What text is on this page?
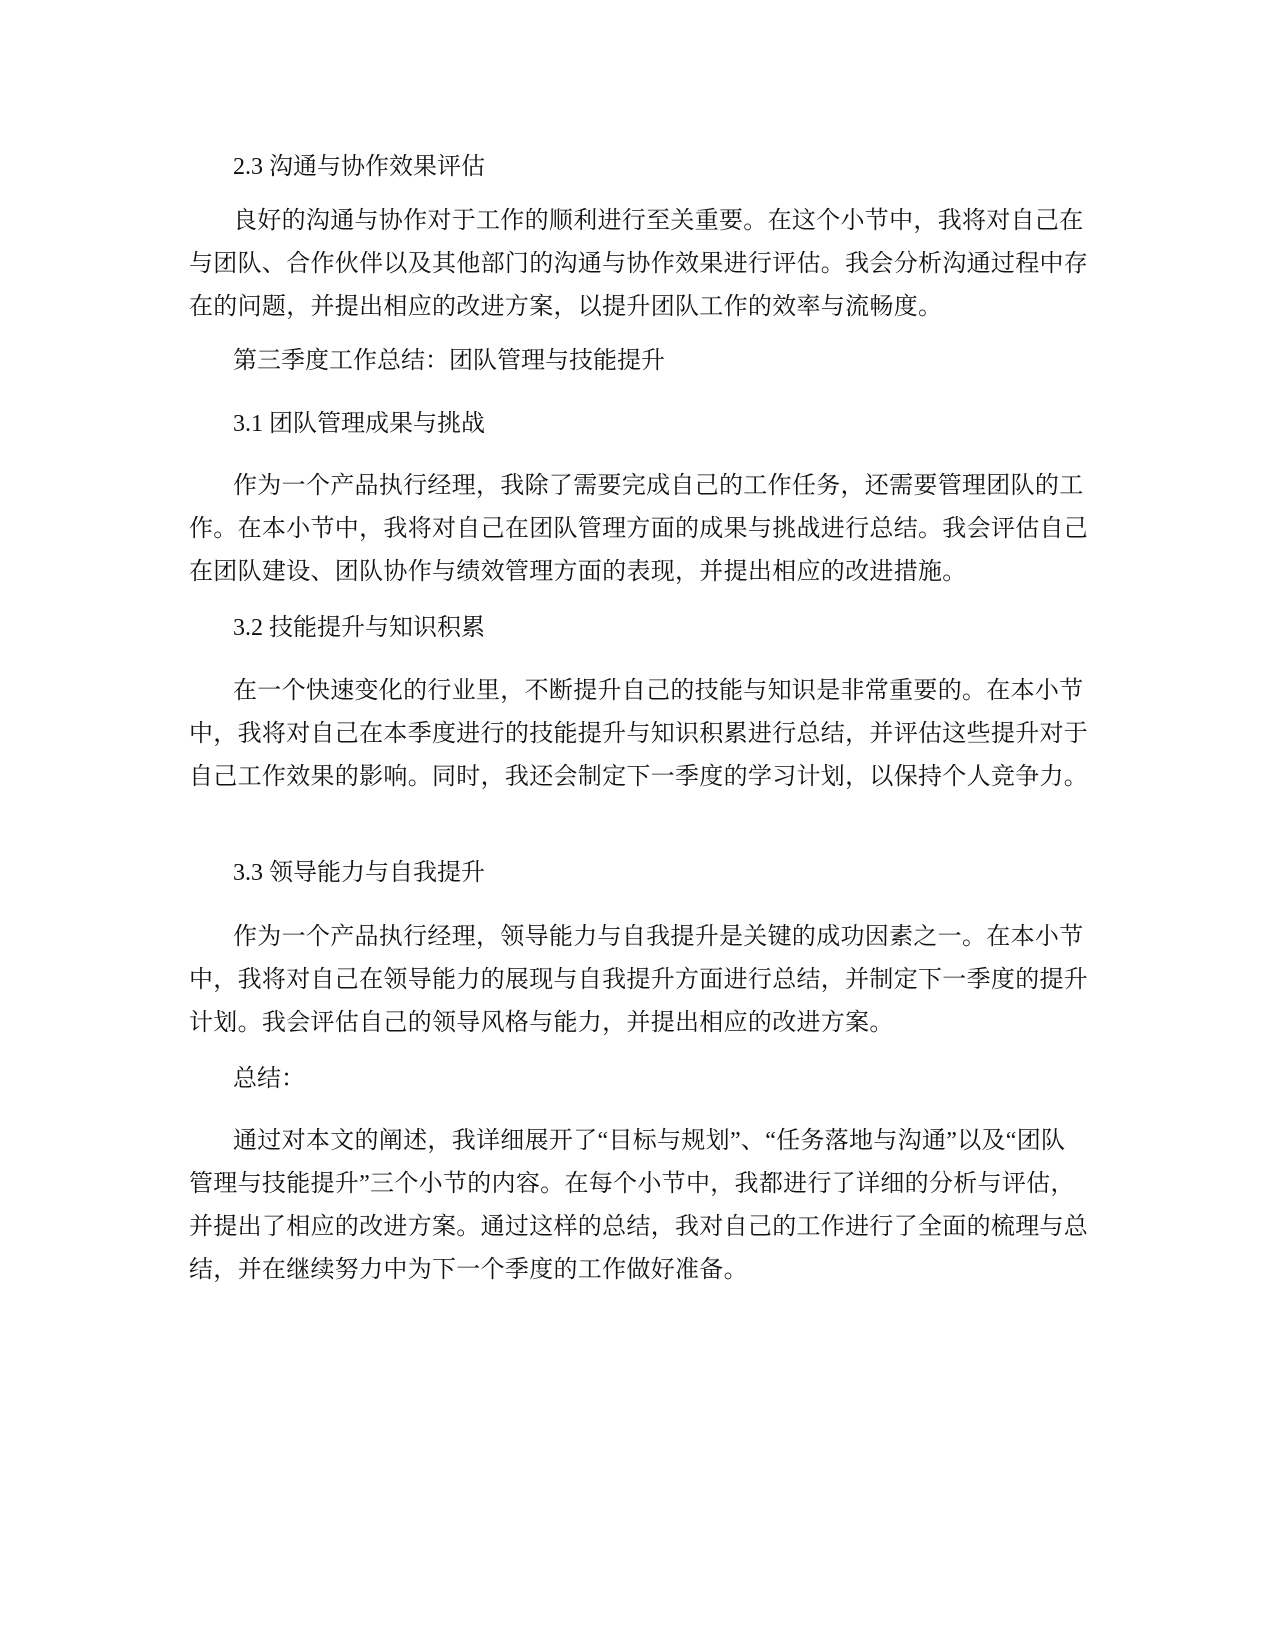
2.3 沟通与协作效果评估

良好的沟通与协作对于工作的顺利进行至关重要。在这个小节中，我将对自己在与团队、合作伙伴以及其他部门的沟通与协作效果进行评估。我会分析沟通过程中存在的问题，并提出相应的改进方案，以提升团队工作的效率与流畅度。

第三季度工作总结：团队管理与技能提升
3.1 团队管理成果与挑战

作为一个产品执行经理，我除了需要完成自己的工作任务，还需要管理团队的工作。在本小节中，我将对自己在团队管理方面的成果与挑战进行总结。我会评估自己在团队建设、团队协作与绩效管理方面的表现，并提出相应的改进措施。

3.2 技能提升与知识积累

在一个快速变化的行业里，不断提升自己的技能与知识是非常重要的。在本小节中，我将对自己在本季度进行的技能提升与知识积累进行总结，并评估这些提升对于自己工作效果的影响。同时，我还会制定下一季度的学习计划，以保持个人竞争力。

3.3 领导能力与自我提升

作为一个产品执行经理，领导能力与自我提升是关键的成功因素之一。在本小节中，我将对自己在领导能力的展现与自我提升方面进行总结，并制定下一季度的提升计划。我会评估自己的领导风格与能力，并提出相应的改进方案。

总结：

通过对本文的阐述，我详细展开了“目标与规划”、“任务落地与沟通”以及“团队管理与技能提升”三个小节的内容。在每个小节中，我都进行了详细的分析与评估，并提出了相应的改进方案。通过这样的总结，我对自己的工作进行了全面的梳理与总结，并在继续努力中为下一个季度的工作做好准备。
